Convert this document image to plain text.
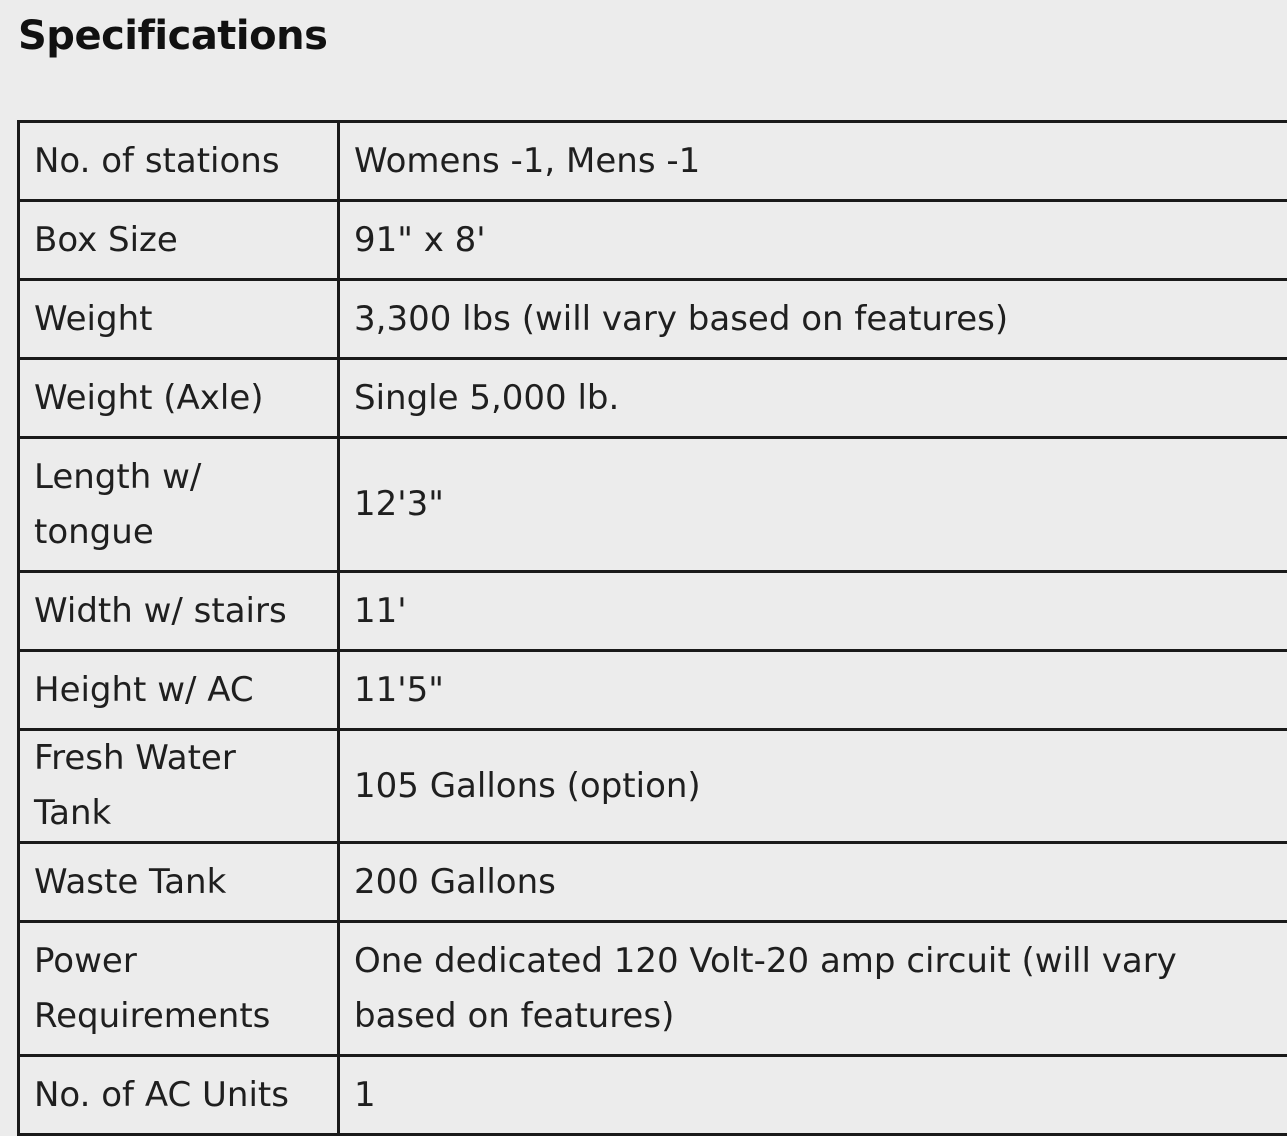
Specifications
No. of stations	Womens -1, Mens -1
Box Size	91" x 8'
Weight	3,300 lbs (will vary based on features)
Weight (Axle)	Single 5,000 lb.
Length w/ tongue	12'3"
Width w/ stairs	11'
Height w/ AC	11'5"
Fresh Water Tank	105 Gallons (option)
Waste Tank	200 Gallons
Power Requirements	One dedicated 120 Volt-20 amp circuit (will vary based on features)
No. of AC Units	1
